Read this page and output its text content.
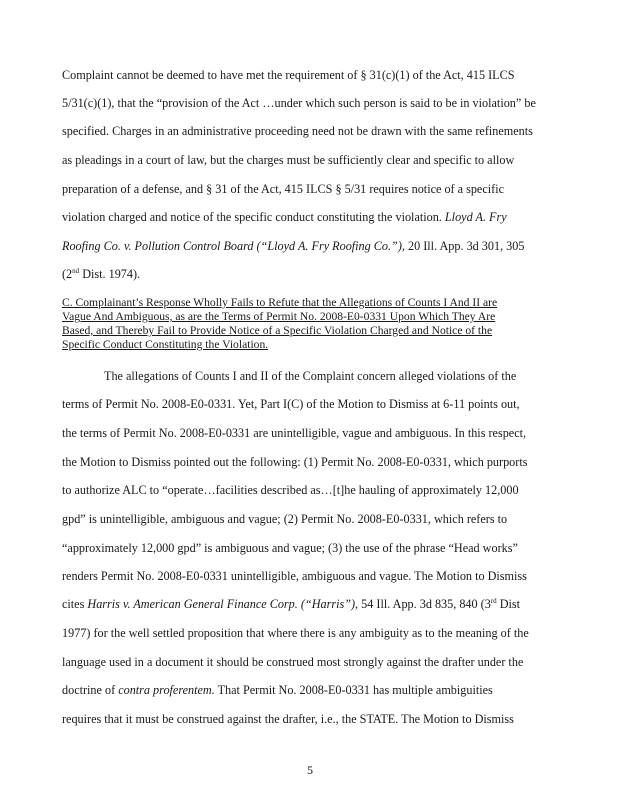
Complaint cannot be deemed to have met the requirement of § 31(c)(1) of the Act, 415 ILCS
5/31(c)(1), that the “provision of the Act …under which such person is said to be in violation” be
specified. Charges in an administrative proceeding need not be drawn with the same refinements
as pleadings in a court of law, but the charges must be sufficiently clear and specific to allow
preparation of a defense, and § 31 of the Act, 415 ILCS § 5/31 requires notice of a specific
violation charged and notice of the specific conduct constituting the violation. Lloyd A. Fry
Roofing Co. v. Pollution Control Board (“Lloyd A. Fry Roofing Co.”), 20 Ill. App. 3d 301, 305
(2nd Dist. 1974).
C. Complainant’s Response Wholly Fails to Refute that the Allegations of Counts I And II are
Vague And Ambiguous, as are the Terms of Permit No. 2008-E0-0331 Upon Which They Are
Based, and Thereby Fail to Provide Notice of a Specific Violation Charged and Notice of the
Specific Conduct Constituting the Violation.
The allegations of Counts I and II of the Complaint concern alleged violations of the
terms of Permit No. 2008-E0-0331. Yet, Part I(C) of the Motion to Dismiss at 6-11 points out,
the terms of Permit No. 2008-E0-0331 are unintelligible, vague and ambiguous. In this respect,
the Motion to Dismiss pointed out the following: (1) Permit No. 2008-E0-0331, which purports
to authorize ALC to “operate…facilities described as…[t]he hauling of approximately 12,000
gpd” is unintelligible, ambiguous and vague; (2) Permit No. 2008-E0-0331, which refers to
“approximately 12,000 gpd” is ambiguous and vague; (3) the use of the phrase “Head works”
renders Permit No. 2008-E0-0331 unintelligible, ambiguous and vague. The Motion to Dismiss
cites Harris v. American General Finance Corp. (“Harris”), 54 Ill. App. 3d 835, 840 (3rd Dist
1977) for the well settled proposition that where there is any ambiguity as to the meaning of the
language used in a document it should be construed most strongly against the drafter under the
doctrine of contra proferentem. That Permit No. 2008-E0-0331 has multiple ambiguities
requires that it must be construed against the drafter, i.e., the STATE. The Motion to Dismiss
5
